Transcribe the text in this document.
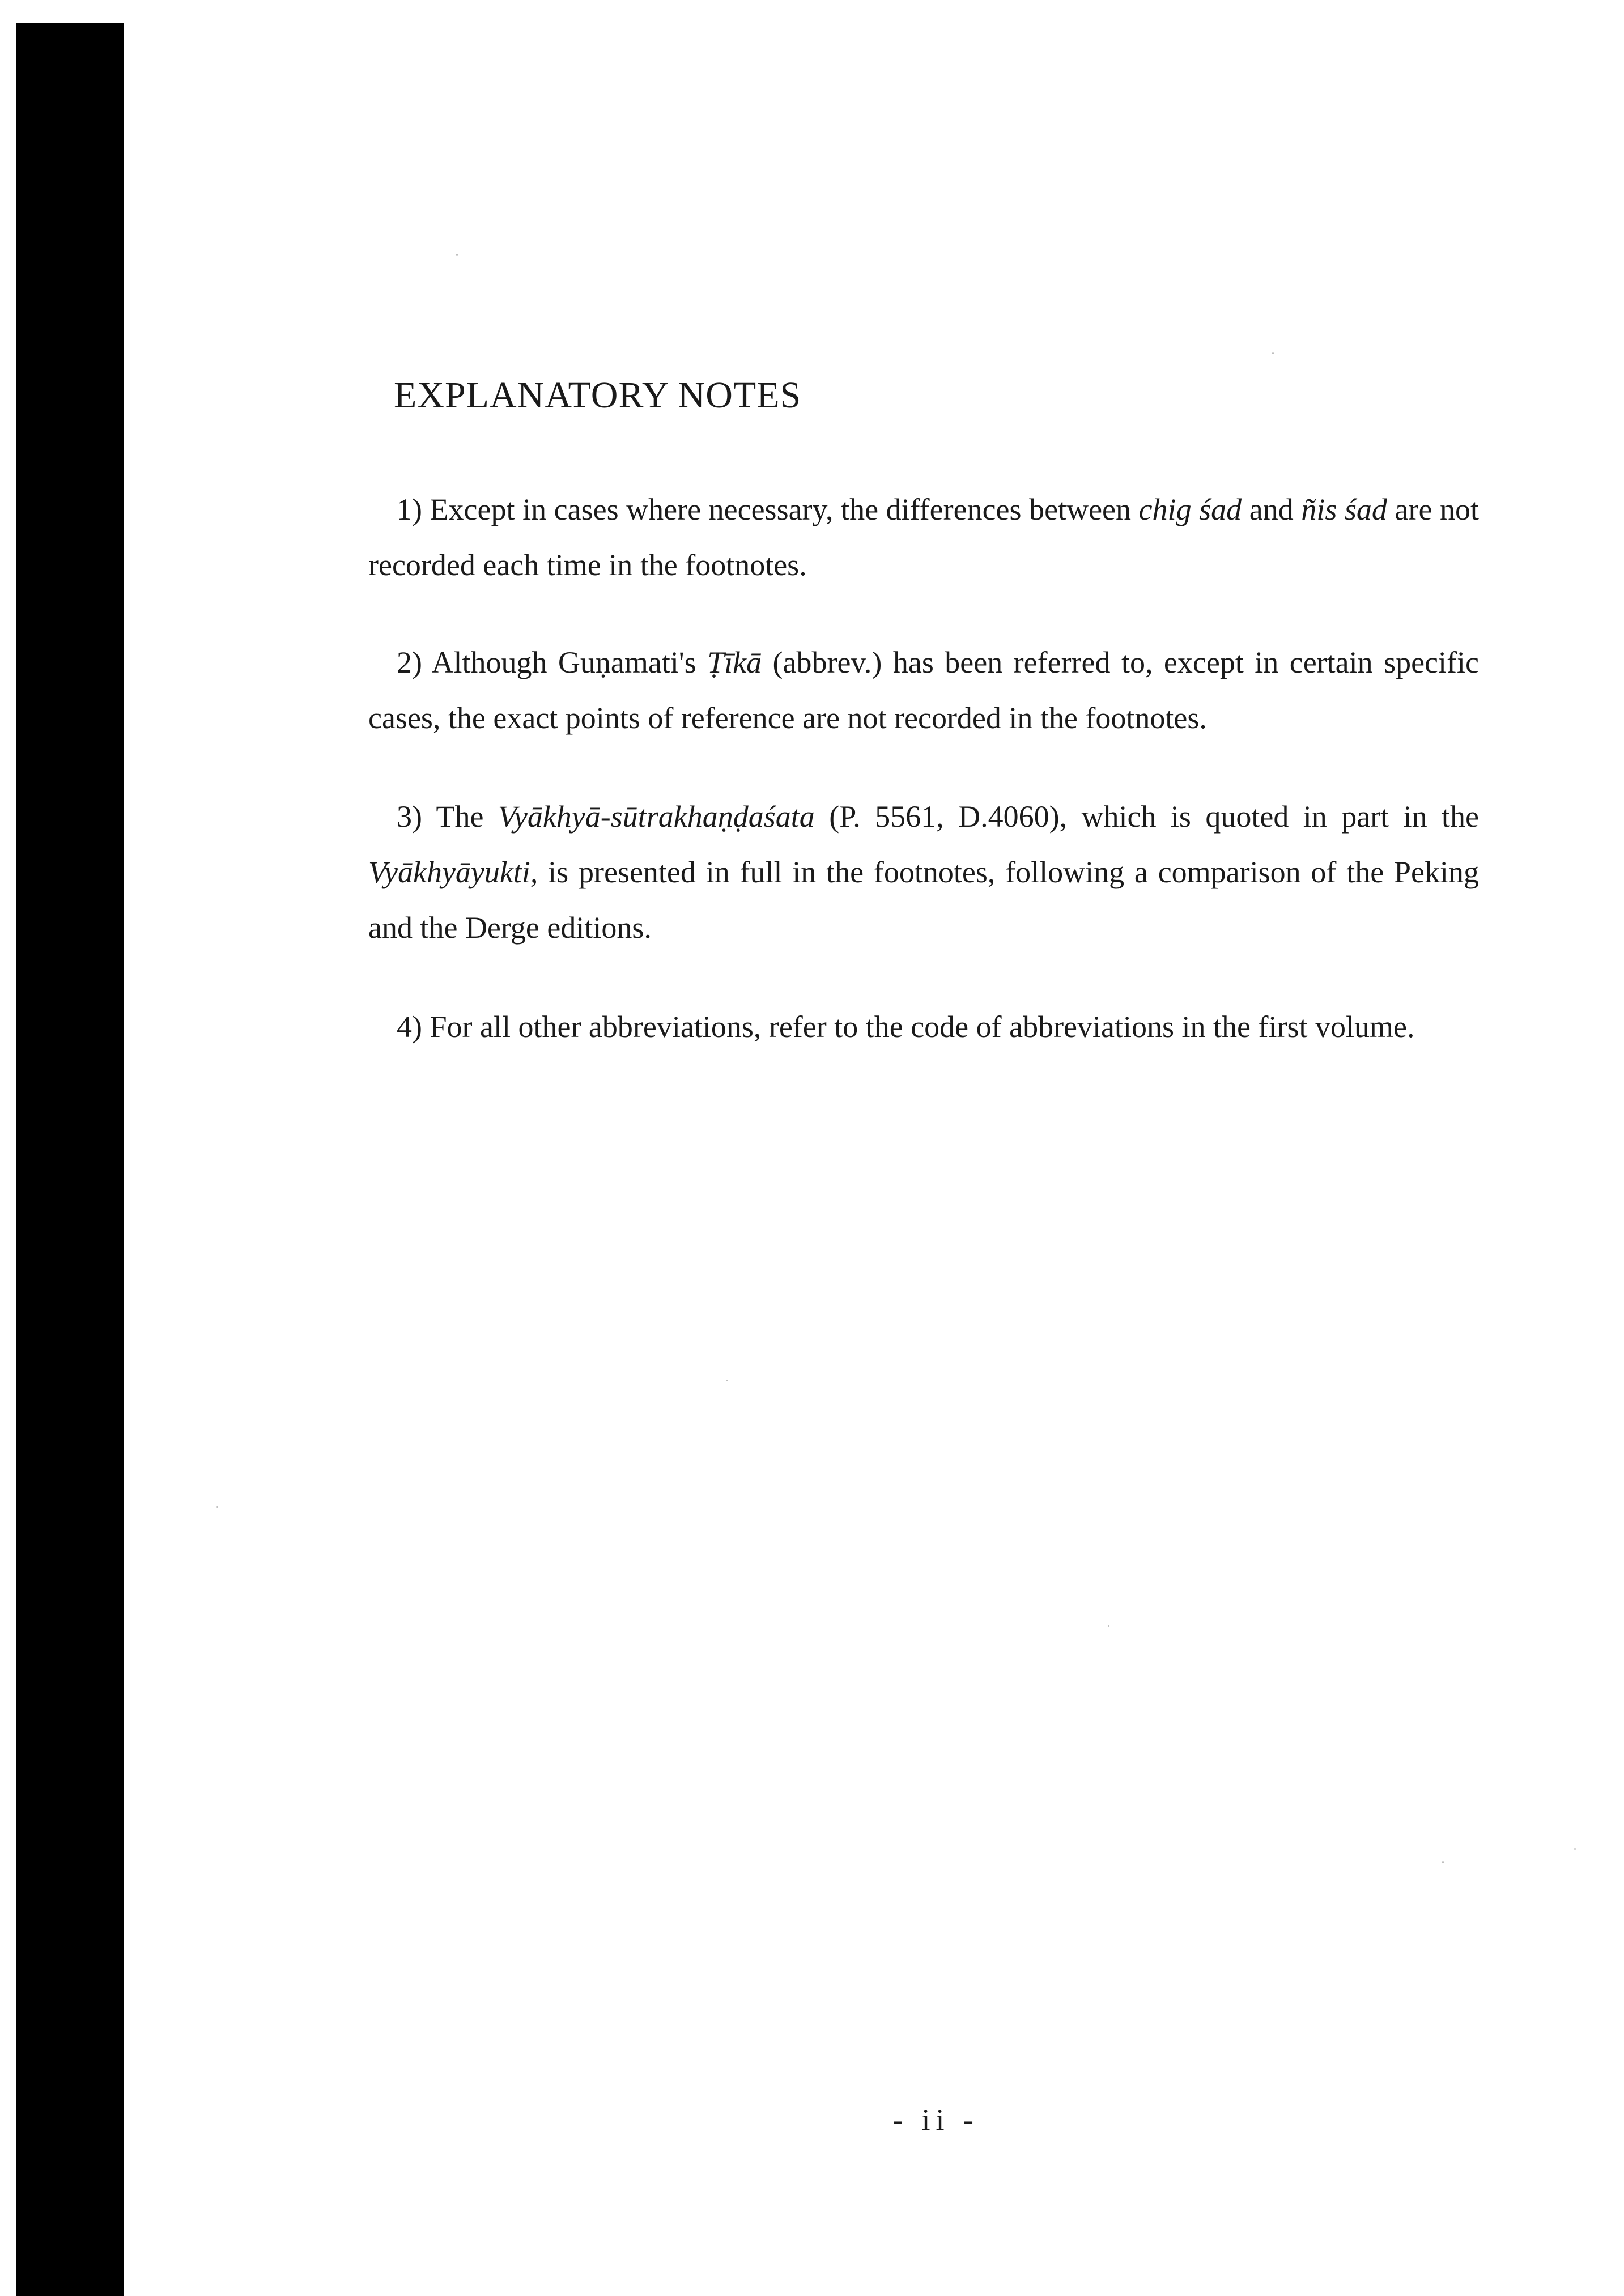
EXPLANATORY NOTES

1) Except in cases where necessary, the differences between chig śad and ñis śad are not recorded each time in the footnotes.

2) Although Guṇamati's Ṭīkā (abbrev.) has been referred to, except in certain specific cases, the exact points of reference are not recorded in the footnotes.

3) The Vyākhyā-sūtrakhaṇḍaśata (P. 5561, D.4060), which is quoted in part in the Vyākhyāyukti, is presented in full in the footnotes, following a comparison of the Peking and the Derge editions.

4) For all other abbreviations, refer to the code of abbreviations in the first volume.

- ii -
